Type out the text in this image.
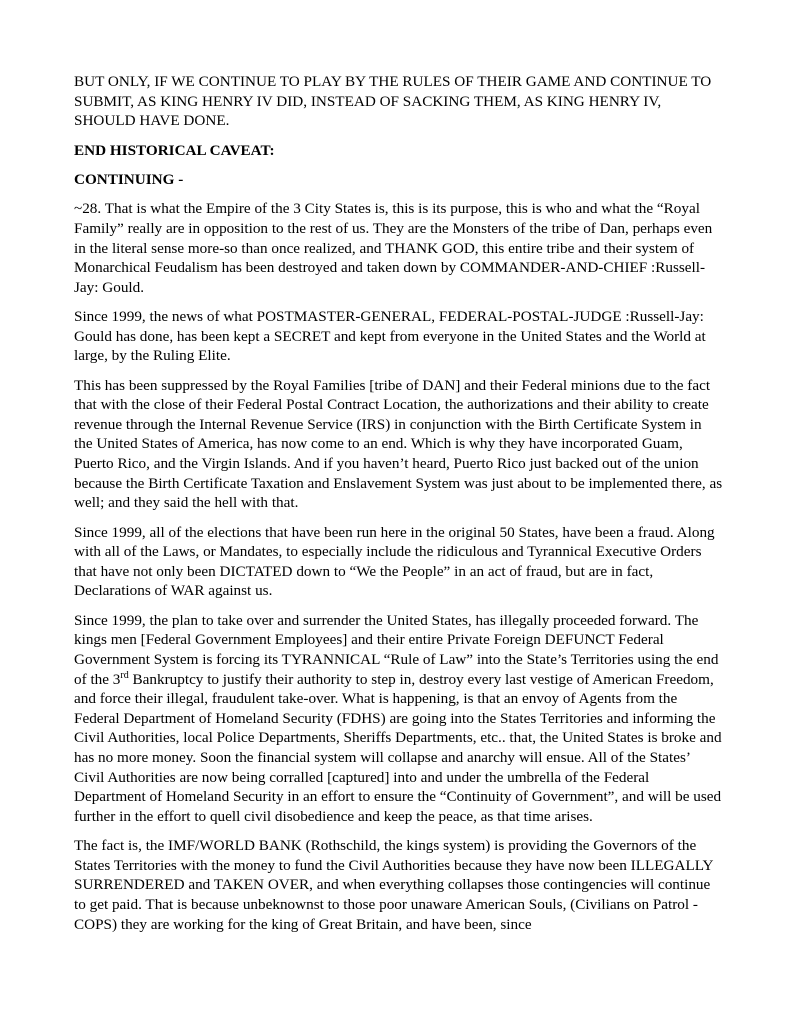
BUT ONLY, IF WE CONTINUE TO PLAY BY THE RULES OF THEIR GAME AND CONTINUE TO SUBMIT, AS KING HENRY IV DID, INSTEAD OF SACKING THEM, AS KING HENRY IV, SHOULD HAVE DONE.

END HISTORICAL CAVEAT:

CONTINUING -

~28. That is what the Empire of the 3 City States is, this is its purpose, this is who and what the “Royal Family” really are in opposition to the rest of us. They are the Monsters of the tribe of Dan, perhaps even in the literal sense more-so than once realized, and THANK GOD, this entire tribe and their system of Monarchical Feudalism has been destroyed and taken down by COMMANDER-AND-CHIEF :Russell-Jay: Gould.

Since 1999, the news of what POSTMASTER-GENERAL, FEDERAL-POSTAL-JUDGE :Russell-Jay: Gould has done, has been kept a SECRET and kept from everyone in the United States and the World at large, by the Ruling Elite.

This has been suppressed by the Royal Families [tribe of DAN] and their Federal minions due to the fact that with the close of their Federal Postal Contract Location, the authorizations and their ability to create revenue through the Internal Revenue Service (IRS) in conjunction with the Birth Certificate System in the United States of America, has now come to an end. Which is why they have incorporated Guam, Puerto Rico, and the Virgin Islands. And if you haven’t heard, Puerto Rico just backed out of the union because the Birth Certificate Taxation and Enslavement System was just about to be implemented there, as well; and they said the hell with that.

Since 1999, all of the elections that have been run here in the original 50 States, have been a fraud. Along with all of the Laws, or Mandates, to especially include the ridiculous and Tyrannical Executive Orders that have not only been DICTATED down to “We the People” in an act of fraud, but are in fact, Declarations of WAR against us.

Since 1999, the plan to take over and surrender the United States, has illegally proceeded forward. The kings men [Federal Government Employees] and their entire Private Foreign DEFUNCT Federal Government System is forcing its TYRANNICAL “Rule of Law” into the State’s Territories using the end of the 3rd Bankruptcy to justify their authority to step in, destroy every last vestige of American Freedom, and force their illegal, fraudulent take-over. What is happening, is that an envoy of Agents from the Federal Department of Homeland Security (FDHS) are going into the States Territories and informing the Civil Authorities, local Police Departments, Sheriffs Departments, etc.. that, the United States is broke and has no more money. Soon the financial system will collapse and anarchy will ensue. All of the States’ Civil Authorities are now being corralled [captured] into and under the umbrella of the Federal Department of Homeland Security in an effort to ensure the “Continuity of Government”, and will be used further in the effort to quell civil disobedience and keep the peace, as that time arises.

The fact is, the IMF/WORLD BANK (Rothschild, the kings system) is providing the Governors of the States Territories with the money to fund the Civil Authorities because they have now been ILLEGALLY SURRENDERED and TAKEN OVER, and when everything collapses those contingencies will continue to get paid. That is because unbeknownst to those poor unaware American Souls, (Civilians on Patrol - COPS) they are working for the king of Great Britain, and have been, since
